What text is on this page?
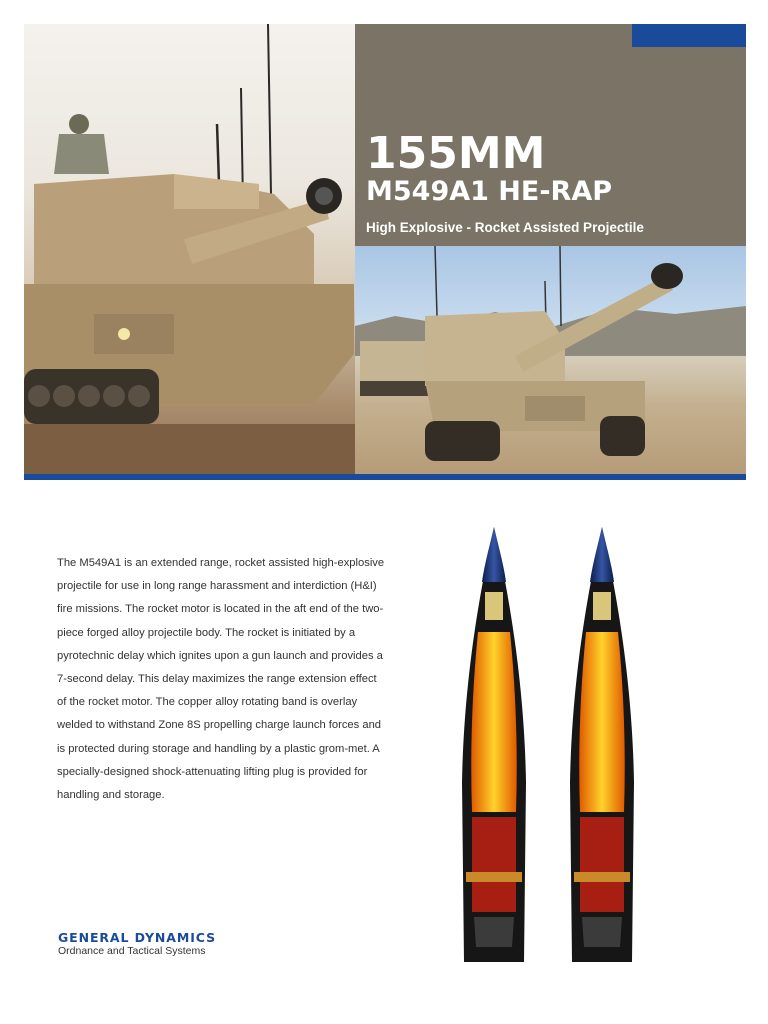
155MM
M549A1 HE-RAP
High Explosive - Rocket Assisted Projectile
The M549A1 is an extended range, rocket assisted high-explosive projectile for use in long range harassment and interdiction (H&I) fire missions. The rocket motor is located in the aft end of the two-piece forged alloy projectile body. The rocket is initiated by a pyrotechnic delay which ignites upon a gun launch and provides a 7-second delay. This delay maximizes the range extension effect of the rocket motor. The copper alloy rotating band is overlay welded to withstand Zone 8S propelling charge launch forces and is protected during storage and handling by a plastic grom-met. A specially-designed shock-attenuating lifting plug is provided for handling and storage.
GENERAL DYNAMICS
Ordnance and Tactical Systems
